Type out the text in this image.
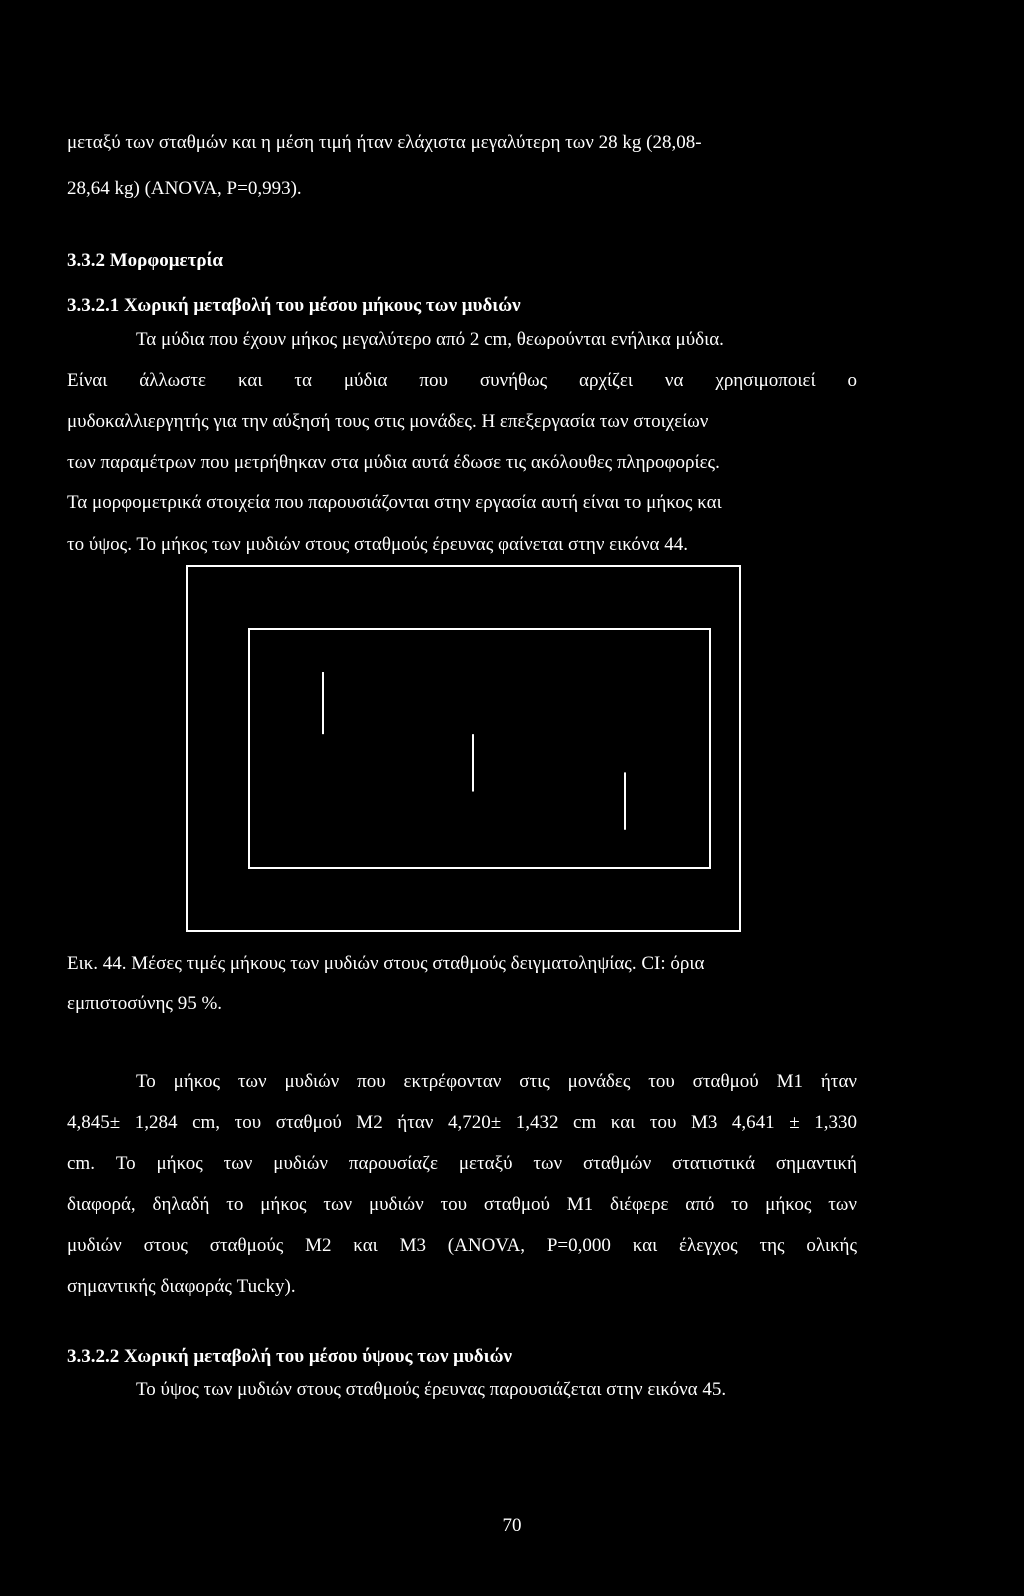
μεταξύ των σταθμών και η μέση τιμή ήταν ελάχιστα μεγαλύτερη των 28 kg (28,08-
28,64 kg) (ANOVA, P=0,993).
3.3.2 Μορφομετρία
3.3.2.1 Χωρική μεταβολή του μέσου μήκους των μυδιών
Τα μύδια που έχουν μήκος μεγαλύτερο από 2 cm, θεωρούνται ενήλικα μύδια.
Είναι άλλωστε και τα μύδια που συνήθως αρχίζει να χρησιμοποιεί ο
μυδοκαλλιεργητής για την αύξησή τους στις μονάδες. Η επεξεργασία των στοιχείων
των παραμέτρων που μετρήθηκαν στα μύδια αυτά έδωσε τις ακόλουθες πληροφορίες.
Τα μορφομετρικά στοιχεία που παρουσιάζονται στην εργασία αυτή είναι το μήκος και
το ύψος. Το μήκος των μυδιών στους σταθμούς έρευνας φαίνεται στην εικόνα 44.
Εικ. 44. Μέσες τιμές μήκους των μυδιών στους σταθμούς δειγματοληψίας. CI: όρια
εμπιστοσύνης 95 %.
Το μήκος των μυδιών που εκτρέφονταν στις μονάδες του σταθμού Μ1 ήταν
4,845± 1,284 cm, του σταθμού Μ2 ήταν 4,720± 1,432 cm και του Μ3 4,641 ± 1,330
cm. Το μήκος των μυδιών παρουσίαζε μεταξύ των σταθμών στατιστικά σημαντική
διαφορά, δηλαδή το μήκος των μυδιών του σταθμού Μ1 διέφερε από το μήκος των
μυδιών στους σταθμούς Μ2 και Μ3 (ANOVA, P=0,000 και έλεγχος της ολικής
σημαντικής διαφοράς Tucky).
3.3.2.2 Χωρική μεταβολή του μέσου ύψους των μυδιών
Το ύψος των μυδιών στους σταθμούς έρευνας παρουσιάζεται στην εικόνα 45.
70
